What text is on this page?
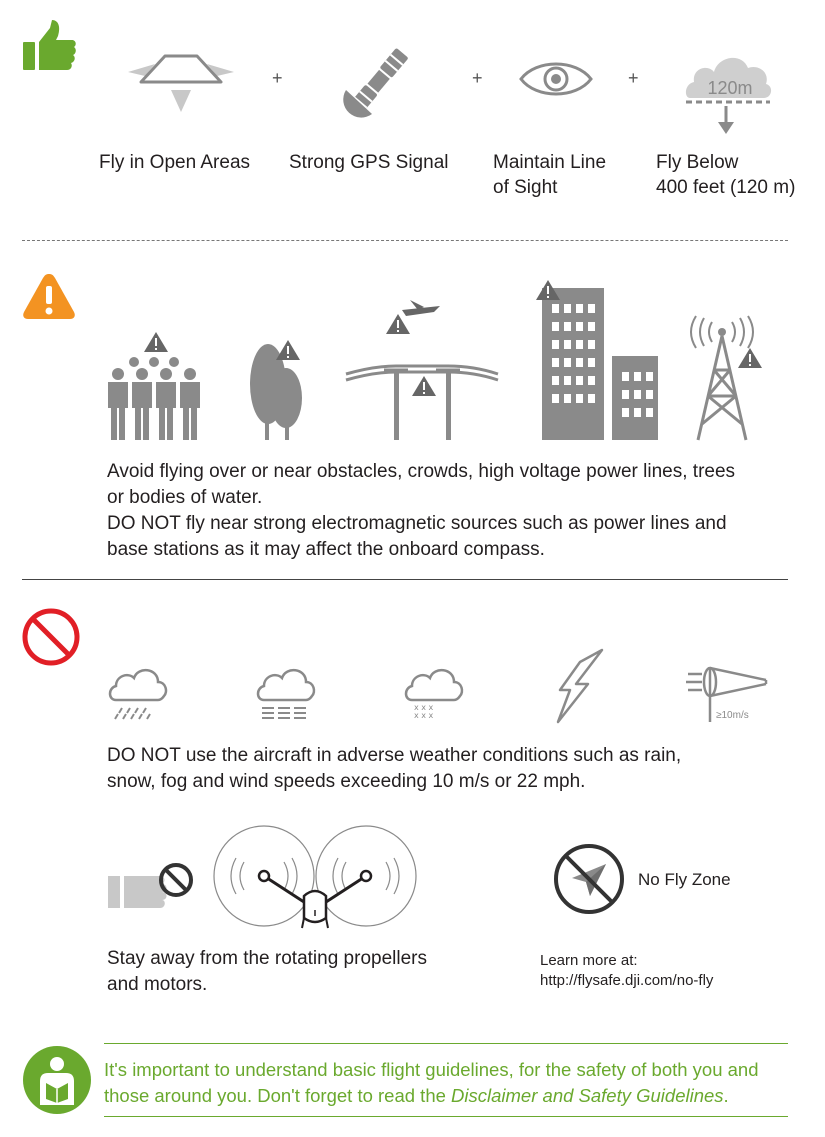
+	+	+	120m
Fly in Open Areas Strong GPS Signal Maintain Line
of Sight
Fly Below
400 feet (120 m)
Avoid flying over or near obstacles, crowds, high voltage power lines, trees
or bodies of water.
DO NOT fly near strong electromagnetic sources such as power lines and
base stations as it may affect the onboard compass.
x x x
x x x	≥10m/s
DO NOT use the aircraft in adverse weather conditions such as rain,
snow, fog and wind speeds exceeding 10 m/s or 22 mph.
Stay away from the rotating propellers
and motors.
No Fly Zone
Learn more at:
http://flysafe.dji.com/no-fly
It's important to understand basic flight guidelines, for the safety of both you and
those around you. Don't forget to read the Disclaimer and Safety Guidelines.
